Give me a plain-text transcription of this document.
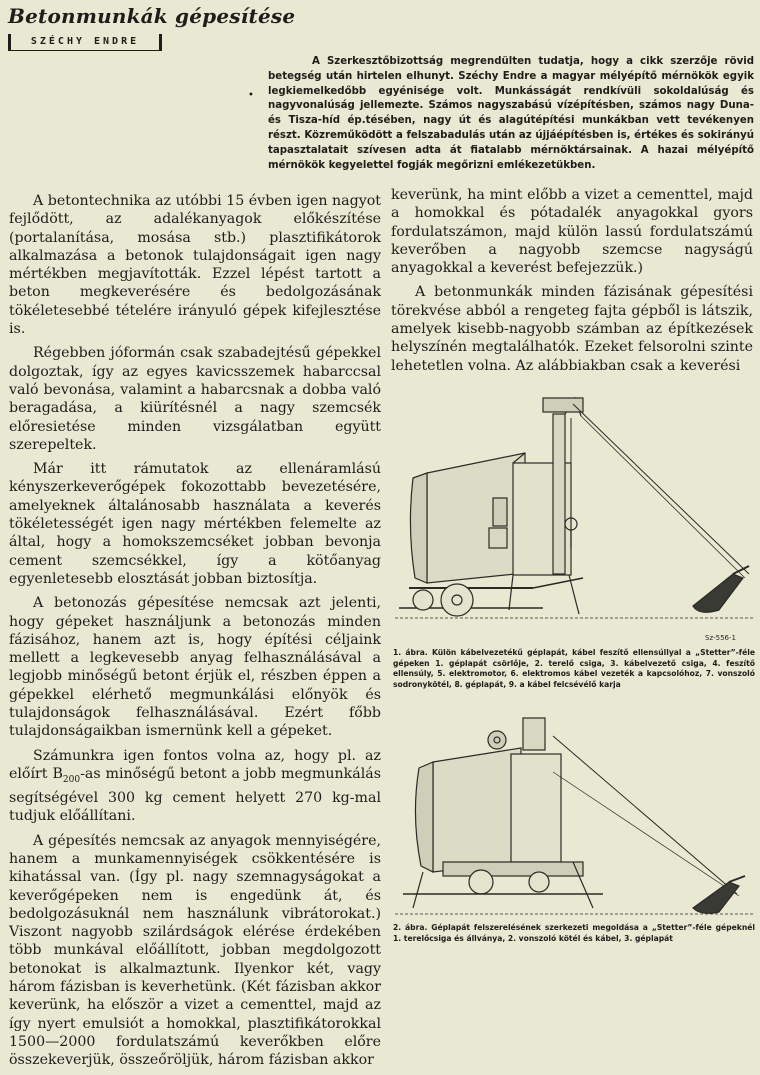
Betonmunkák gépesítése
SZÉCHY ENDRE
•

A Szerkesztőbizottság megrendülten tudatja, hogy a cikk szerzője rövid betegség után hirtelen elhunyt. Széchy Endre a magyar mélyépítő mérnökök egyik legkiemelkedőbb egyénisége volt. Munkásságát rendkívüli sokoldalúság és nagyvonalúság jellemezte. Számos nagyszabású vízépítésben, számos nagy Duna- és Tisza-híd ép.tésében, nagy út és alagútépítési munkákban vett tevékenyen részt. Közreműködött a felszabadulás után az újjáépítésben is, értékes és sokirányú tapasztalatait szívesen adta át fiatalabb mérnöktársainak. A hazai mélyépítő mérnökök kegyelettel fogják megőrizni emlékezetükben.

A betontechnika az utóbbi 15 évben igen nagyot fejlődött, az adalékanyagok előkészítése (portalanítása, mosása stb.) plasztifikátorok alkalmazása a betonok tulajdonságait igen nagy mértékben megjavították. Ezzel lépést tartott a beton megkeverésére és bedolgozásának tökéletesebbé tételére irányuló gépek kifejlesztése is.

Régebben jóformán csak szabadejtésű gépekkel dolgoztak, így az egyes kavicsszemek habarccsal való bevonása, valamint a habarcsnak a dobba való beragadása, a kiürítésnél a nagy szemcsék előresietése minden vizsgálatban együtt szerepeltek.

Már itt rámutatok az ellenáramlású kényszerkeverőgépek fokozottabb bevezetésére, amelyeknek általánosabb használata a keverés tökéletességét igen nagy mértékben felemelte az által, hogy a homokszemcséket jobban bevonja cement szemcsékkel, így a kötőanyag egyenletesebb elosztását jobban biztosítja.

A betonozás gépesítése nemcsak azt jelenti, hogy gépeket használjunk a betonozás minden fázisához, hanem azt is, hogy építési céljaink mellett a legkevesebb anyag felhasználásával a legjobb minőségű betont érjük el, részben éppen a gépekkel elérhető megmunkálási előnyök és tulajdonságok felhasználásával. Ezért főbb tulajdonságaikban ismernünk kell a gépeket.

Számunkra igen fontos volna az, hogy pl. az előírt $B_{200}-as$ minőségű betont a jobb megmunkálás segítségével 300 kg cement helyett 270 kg-mal tudjuk előállítani.

A gépesítés nemcsak az anyagok mennyiségére, hanem a munkamennyiségek csökkentésére is kihatással van. (Így pl. nagy szemnagyságokat a keverőgépeken nem is engedünk át, és bedolgozásuknál nem használunk vibrátorokat.) Viszont nagyobb szilárdságok elérése érdekében több munkával előállított, jobban megdolgozott betonokat is alkalmaztunk. Ilyenkor két, vagy három fázisban is keverhetünk. (Két fázisban akkor keverünk, ha először a vizet a cementtel, majd az így nyert emulsiót a homokkal, plasztifikátorokkal 1500—2000 fordulatszámú keverőkben előre összekeverjük, összeőröljük, három fázisban akkor

keverünk, ha mint előbb a vizet a cementtel, majd a homokkal és pótadalék anyagokkal gyors fordulatszámon, majd külön lassú fordulatszámú keverőben a nagyobb szemcse nagyságú anyagokkal a keverést befejezzük.)

A betonmunkák minden fázisának gépesítési törekvése abból a rengeteg fajta gépből is látszik, amelyek kisebb-nagyobb számban az építkezések helyszínén megtalálhatók. Ezeket felsorolni szinte lehetetlen volna. Az alábbiakban csak a keverési

Sz-556-1

1. ábra. Külön kábelvezetékű géplapát, kábel feszítő ellensúllyal a „Stetter”-féle gépeken 1. géplapát csörlője, 2. terelő csiga, 3. kábelvezető csiga, 4. feszítő ellensúly, 5. elektromotor, 6. elektromos kábel vezeték a kapcsolóhoz, 7. vonszoló sodronykötél, 8. géplapát, 9. a kábel felcsévélő karja

2. ábra. Géplapát felszerelésének szerkezeti megoldása a „Stetter”-féle gépeknél 1. terelőcsiga és állványa, 2. vonszoló kötél és kábel, 3. géplapát
